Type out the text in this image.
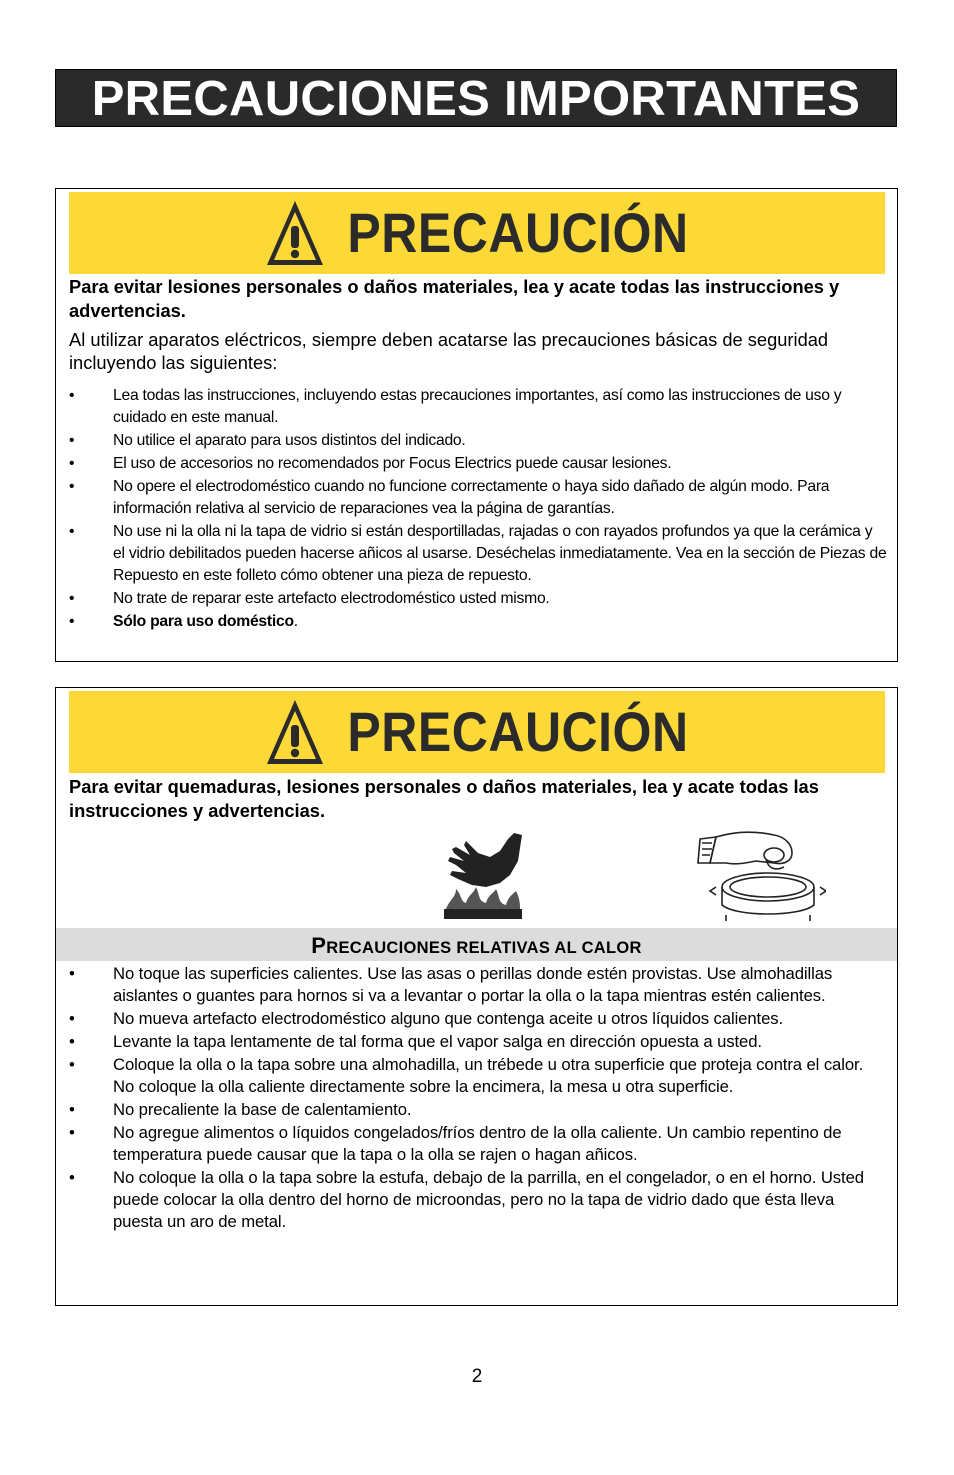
PRECAUCIONES IMPORTANTES
PRECAUCIÓN
Para evitar lesiones personales o daños materiales, lea y acate todas las instrucciones y advertencias.
Al utilizar aparatos eléctricos, siempre deben acatarse las precauciones básicas de seguridad incluyendo las siguientes:
•	Lea todas las instrucciones, incluyendo estas precauciones importantes, así como las instrucciones de uso y cuidado en este manual.
•	No utilice el aparato para usos distintos del indicado.
•	El uso de accesorios no recomendados por Focus Electrics puede causar lesiones.
•	No opere el electrodoméstico cuando no funcione correctamente o haya sido dañado de algún modo. Para información relativa al servicio de reparaciones vea la página de garantías.
•	No use ni la olla ni la tapa de vidrio si están desportilladas, rajadas o con rayados profundos ya que la cerámica y el vidrio debilitados pueden hacerse añicos al usarse. Deséchelas inmediatamente. Vea en la sección de Piezas de Repuesto en este folleto cómo obtener una pieza de repuesto.
•	No trate de reparar este artefacto electrodoméstico usted mismo.
•	Sólo para uso doméstico.
PRECAUCIÓN
Para evitar quemaduras, lesiones personales o daños materiales, lea y acate todas las instrucciones y advertencias.
PRECAUCIONES RELATIVAS AL CALOR
•	No toque las superficies calientes. Use las asas o perillas donde estén provistas. Use almohadillas aislantes o guantes para hornos si va a levantar o portar la olla o la tapa mientras estén calientes.
•	No mueva artefacto electrodoméstico alguno que contenga aceite u otros líquidos calientes.
•	Levante la tapa lentamente de tal forma que el vapor salga en dirección opuesta a usted.
•	Coloque la olla o la tapa sobre una almohadilla, un trébede u otra superficie que proteja contra el calor. No coloque la olla caliente directamente sobre la encimera, la mesa u otra superficie.
•	No precaliente la base de calentamiento.
•	No agregue alimentos o líquidos congelados/fríos dentro de la olla caliente. Un cambio repentino de temperatura puede causar que la tapa o la olla se rajen o hagan añicos.
•	No coloque la olla o la tapa sobre la estufa, debajo de la parrilla, en el congelador, o en el horno. Usted puede colocar la olla dentro del horno de microondas, pero no la tapa de vidrio dado que ésta lleva puesta un aro de metal.
2
